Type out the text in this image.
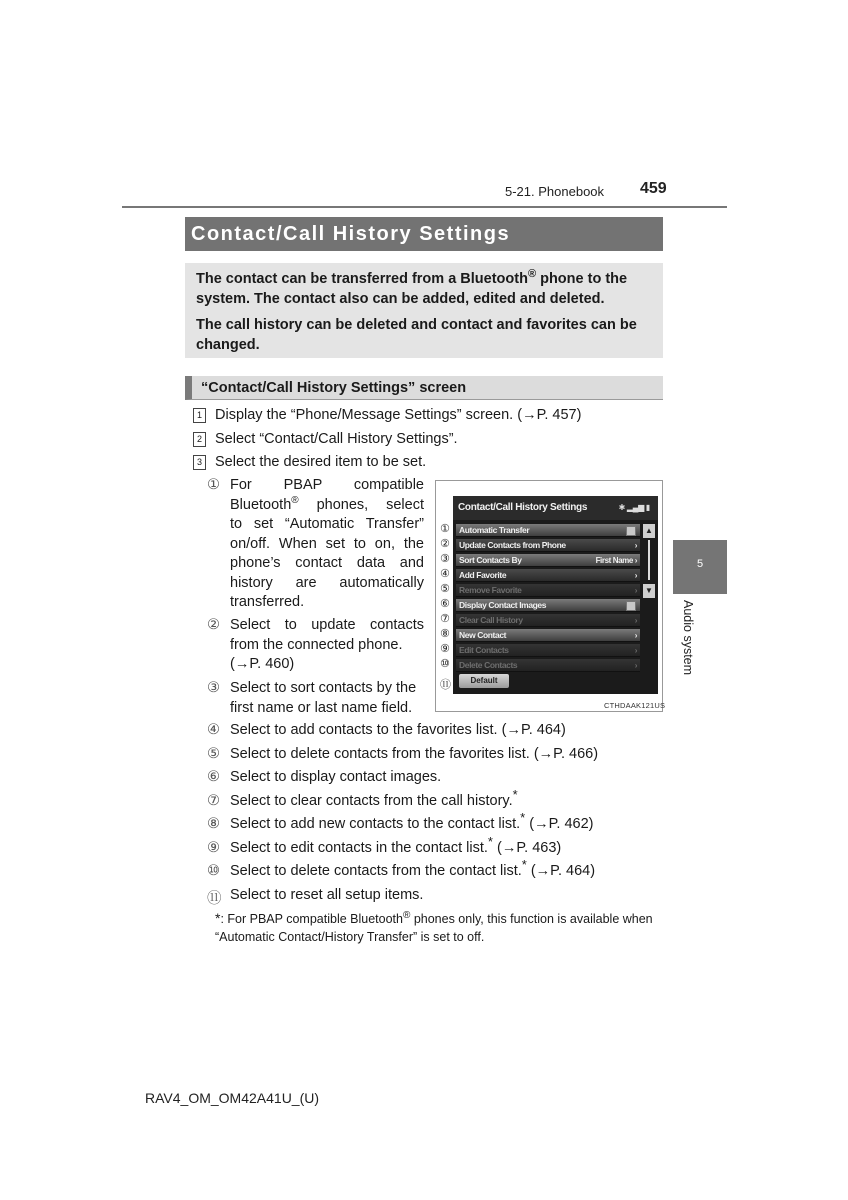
5-21. Phonebook 459
Contact/Call History Settings

The contact can be transferred from a Bluetooth® phone to the system. The contact also can be added, edited and deleted.

The call history can be deleted and contact and favorites can be changed.

“Contact/Call History Settings” screen
1 Display the “Phone/Message Settings” screen. (→P. 457)
2 Select “Contact/Call History Settings”.
3 Select the desired item to be set.
① For PBAP compatible
Bluetooth® phones, select
to set “Automatic Transfer”
on/off. When set to on, the
phone’s contact data and
history are automatically
transferred.
② Select to update contacts
from the connected phone.
(→P. 460)
③ Select to sort contacts by the
first name or last name field.
④ Select to add contacts to the favorites list. (→P. 464)
⑤ Select to delete contacts from the favorites list. (→P. 466)
⑥ Select to display contact images.
⑦ Select to clear contacts from the call history.*
⑧ Select to add new contacts to the contact list.* (→P. 462)
⑨ Select to edit contacts in the contact list.* (→P. 463)
⑩ Select to delete contacts from the contact list.* (→P. 464)
⑪ Select to reset all setup items.
*: For PBAP compatible Bluetooth® phones only, this function is available when “Automatic Contact/History Transfer” is set to off.
Contact/Call History Settings	✱ ▂▄▆ ▮
Automatic Transfer
Update Contacts from Phone	›
Sort Contacts By	First Name ›
Add Favorite	›
Remove Favorite	›
Display Contact Images
Clear Call History	›
New Contact	›
Edit Contacts	›
Delete Contacts	›
▲
▼
Default
①
②
③
④
⑤
⑥
⑦
⑧
⑨
⑩
⑪
CTHDAAK121US
5
Audio system
RAV4_OM_OM42A41U_(U)
